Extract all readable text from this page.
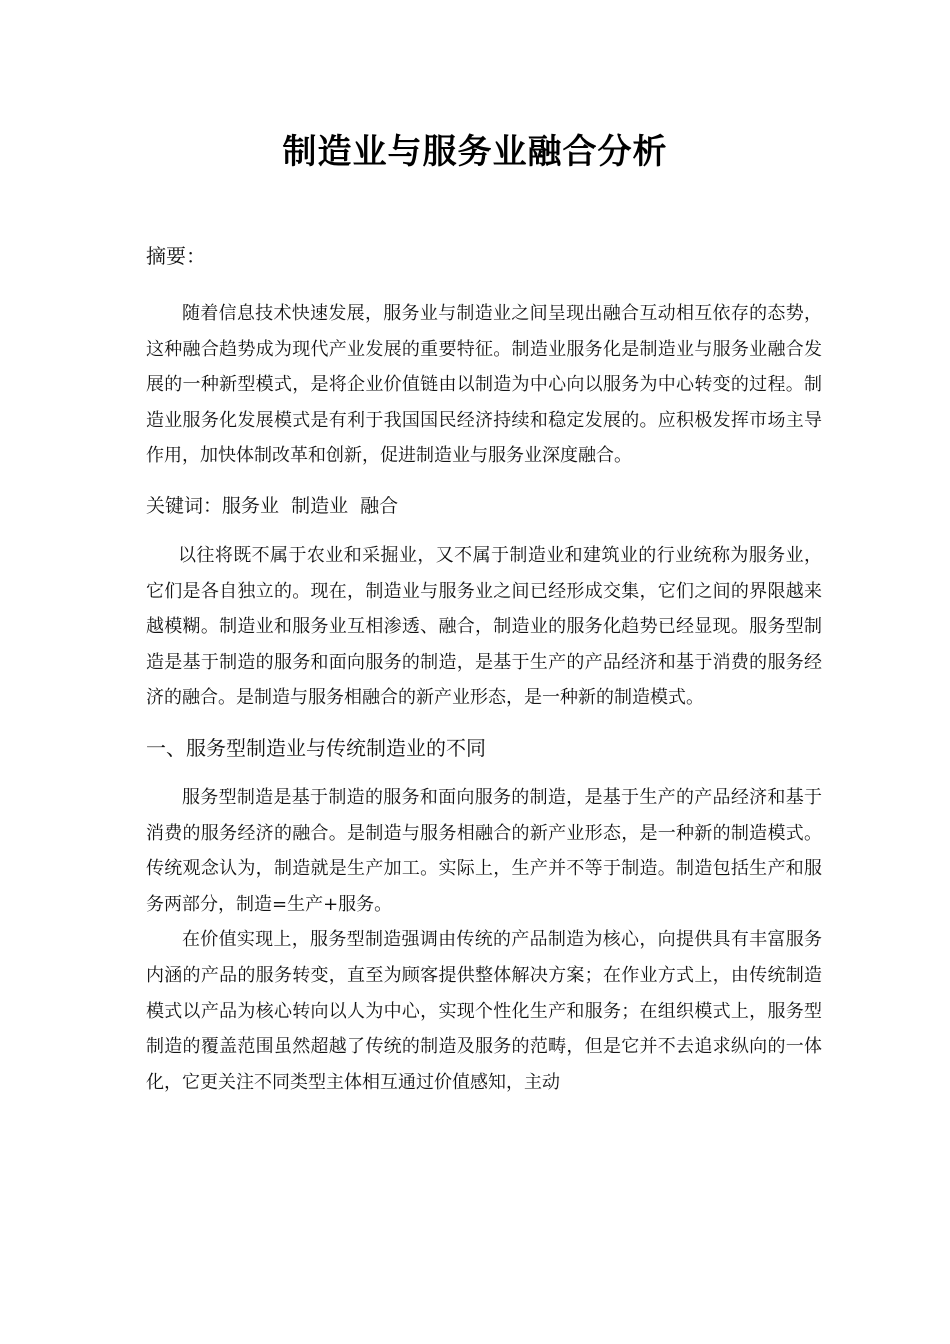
制造业与服务业融合分析
摘要：

随着信息技术快速发展，服务业与制造业之间呈现出融合互动相互依存的态势，这种融合趋势成为现代产业发展的重要特征。制造业服务化是制造业与服务业融合发展的一种新型模式，是将企业价值链由以制造为中心向以服务为中心转变的过程。制造业服务化发展模式是有利于我国国民经济持续和稳定发展的。应积极发挥市场主导作用，加快体制改革和创新，促进制造业与服务业深度融合。

关键词：服务业  制造业  融合

以往将既不属于农业和采掘业，又不属于制造业和建筑业的行业统称为服务业，它们是各自独立的。现在，制造业与服务业之间已经形成交集，它们之间的界限越来越模糊。制造业和服务业互相渗透、融合，制造业的服务化趋势已经显现。服务型制造是基于制造的服务和面向服务的制造，是基于生产的产品经济和基于消费的服务经济的融合。是制造与服务相融合的新产业形态，是一种新的制造模式。

一、服务型制造业与传统制造业的不同

服务型制造是基于制造的服务和面向服务的制造，是基于生产的产品经济和基于消费的服务经济的融合。是制造与服务相融合的新产业形态，是一种新的制造模式。传统观念认为，制造就是生产加工。实际上，生产并不等于制造。制造包括生产和服务两部分，制造=生产+服务。

在价值实现上，服务型制造强调由传统的产品制造为核心，向提供具有丰富服务内涵的产品的服务转变，直至为顾客提供整体解决方案；在作业方式上，由传统制造模式以产品为核心转向以人为中心，实现个性化生产和服务；在组织模式上，服务型制造的覆盖范围虽然超越了传统的制造及服务的范畴，但是它并不去追求纵向的一体化，它更关注不同类型主体相互通过价值感知，主动
